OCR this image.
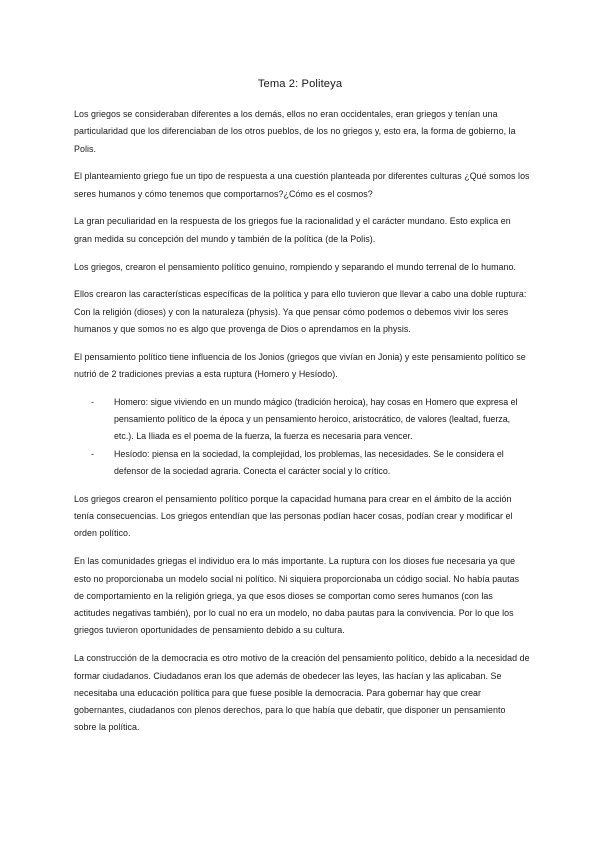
Tema 2: Politeya

Los griegos se consideraban diferentes a los demás, ellos no eran occidentales, eran griegos y tenían una particularidad que los diferenciaban de los otros pueblos, de los no griegos y, esto era, la forma de gobierno, la Polis.

El planteamiento griego fue un tipo de respuesta a una cuestión planteada por diferentes culturas ¿Qué somos los seres humanos y cómo tenemos que comportarnos?¿Cómo es el cosmos?

La gran peculiaridad en la respuesta de los griegos fue la racionalidad y el carácter mundano. Esto explica en gran medida su concepción del mundo y también de la política (de la Polis).

Los griegos, crearon el pensamiento político genuino, rompiendo y separando el mundo terrenal de lo humano.

Ellos crearon las características específicas de la política y para ello tuvieron que llevar a cabo una doble ruptura: Con la religión (dioses) y con la naturaleza (physis). Ya que pensar cómo podemos o debemos vivir los seres humanos y que somos no es algo que provenga de Dios o aprendamos en la physis.

El pensamiento político tiene influencia de los Jonios (griegos que vivían en Jonia) y este pensamiento político se nutrió de 2 tradiciones previas a esta ruptura (Homero y Hesíodo).

- Homero: sigue viviendo en un mundo mágico (tradición heroica), hay cosas en Homero que expresa el pensamiento político de la época y un pensamiento heroico, aristocrático, de valores (lealtad, fuerza, etc.). La Iliada es el poema de la fuerza, la fuerza es necesaria para vencer.
- Hesíodo: piensa en la sociedad, la complejidad, los problemas, las necesidades. Se le considera el defensor de la sociedad agraria. Conecta el carácter social y lo crítico.

Los griegos crearon el pensamiento político porque la capacidad humana para crear en el ámbito de la acción tenía consecuencias. Los griegos entendían que las personas podían hacer cosas, podían crear y modificar el orden político.

En las comunidades griegas el individuo era lo más importante. La ruptura con los dioses fue necesaria ya que esto no proporcionaba un modelo social ni político. Ni siquiera proporcionaba un código social. No había pautas de comportamiento en la religión griega, ya que esos dioses se comportan como seres humanos (con las actitudes negativas también), por lo cual no era un modelo, no daba pautas para la convivencia. Por lo que los griegos tuvieron oportunidades de pensamiento debido a su cultura.

La construcción de la democracia es otro motivo de la creación del pensamiento político, debido a la necesidad de formar ciudadanos. Ciudadanos eran los que además de obedecer las leyes, las hacían y las aplicaban. Se necesitaba una educación política para que fuese posible la democracia. Para gobernar hay que crear gobernantes, ciudadanos con plenos derechos, para lo que había que debatir, que disponer un pensamiento sobre la política.
